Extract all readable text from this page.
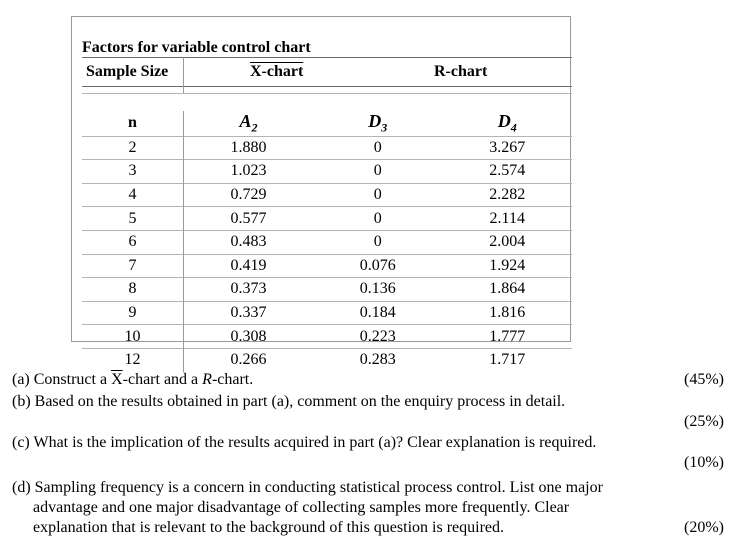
Factors for variable control chart
Sample Size	X-chart	R-chart
n	$A_2$	$D_3$	$D_4$
2	1.880	0	3.267
3	1.023	0	2.574
4	0.729	0	2.282
5	0.577	0	2.114
6	0.483	0	2.004
7	0.419	0.076	1.924
8	0.373	0.136	1.864
9	0.337	0.184	1.816
10	0.308	0.223	1.777
12	0.266	0.283	1.717
(a) Construct a $\overline{X}$-chart and a R-chart.	(45%)
(b) Based on the results obtained in part (a), comment on the enquiry process in detail.
(25%)
(c) What is the implication of the results acquired in part (a)? Clear explanation is required.
(10%)
(d) Sampling frequency is a concern in conducting statistical process control. List one major
advantage and one major disadvantage of collecting samples more frequently. Clear
explanation that is relevant to the background of this question is required.	(20%)
